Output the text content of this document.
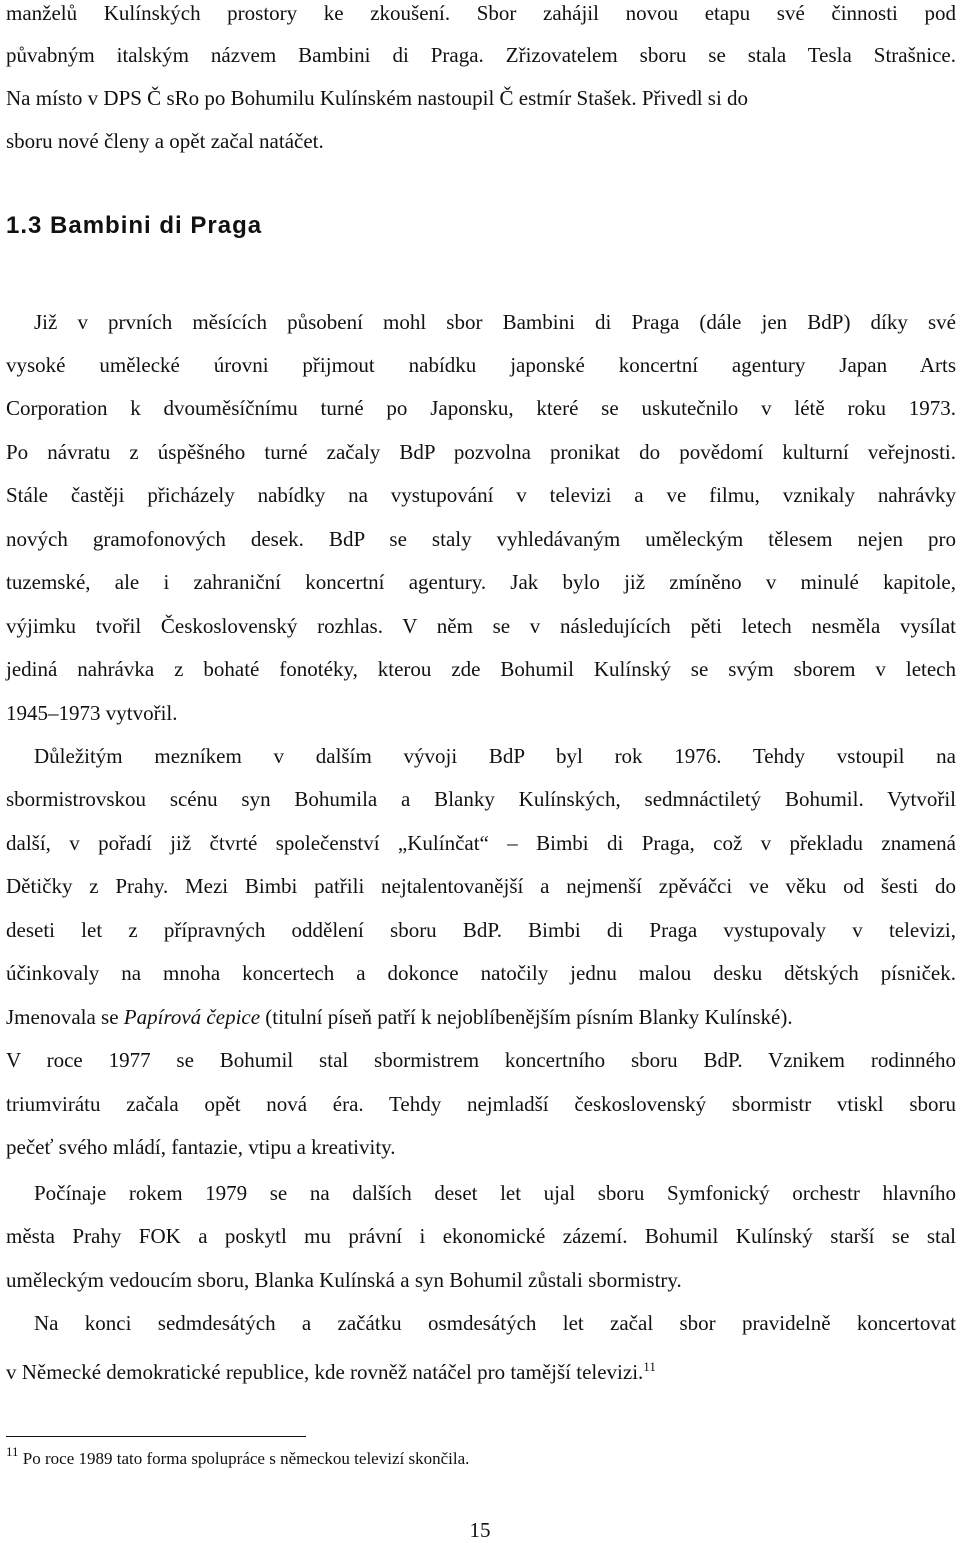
manželů Kulínských prostory ke zkoušení. Sbor zahájil novou etapu své činnosti pod
půvabným italským názvem Bambini di Praga. Zřizovatelem sboru se stala Tesla Strašnice.
Na místo v DPS Č sRo po Bohumilu Kulínském nastoupil Č estmír Stašek. Přivedl si do
sboru nové členy a opět začal natáčet.
1.3 Bambini di Praga
Již v prvních měsících působení mohl sbor Bambini di Praga (dále jen BdP) díky své
vysoké umělecké úrovni přijmout nabídku japonské koncertní agentury Japan Arts
Corporation k dvouměsíčnímu turné po Japonsku, které se uskutečnilo v létě roku 1973.
Po návratu z úspěšného turné začaly BdP pozvolna pronikat do povědomí kulturní veřejnosti.
Stále častěji přicházely nabídky na vystupování v televizi a ve filmu, vznikaly nahrávky
nových gramofonových desek. BdP se staly vyhledávaným uměleckým tělesem nejen pro
tuzemské, ale i zahraniční koncertní agentury. Jak bylo již zmíněno v minulé kapitole,
výjimku tvořil Československý rozhlas. V něm se v následujících pěti letech nesměla vysílat
jediná nahrávka z bohaté fonotéky, kterou zde Bohumil Kulínský se svým sborem v letech
1945–1973 vytvořil.
Důležitým mezníkem v dalším vývoji BdP byl rok 1976. Tehdy vstoupil na
sbormistrovskou scénu syn Bohumila a Blanky Kulínských, sedmnáctiletý Bohumil. Vytvořil
další, v pořadí již čtvrté společenství „Kulínčat“ – Bimbi di Praga, což v překladu znamená
Dětičky z Prahy. Mezi Bimbi patřili nejtalentovanější a nejmenší zpěváčci ve věku od šesti do
deseti let z přípravných oddělení sboru BdP. Bimbi di Praga vystupovaly v televizi,
účinkovaly na mnoha koncertech a dokonce natočily jednu malou desku dětských písniček.
Jmenovala se Papírová čepice (titulní píseň patří k nejoblíbenějším písním Blanky Kulínské).
V roce 1977 se Bohumil stal sbormistrem koncertního sboru BdP. Vznikem rodinného
triumvirátu začala opět nová éra. Tehdy nejmladší československý sbormistr vtiskl sboru
pečeť svého mládí, fantazie, vtipu a kreativity.
Počínaje rokem 1979 se na dalších deset let ujal sboru Symfonický orchestr hlavního
města Prahy FOK a poskytl mu právní i ekonomické zázemí. Bohumil Kulínský starší se stal
uměleckým vedoucím sboru, Blanka Kulínská a syn Bohumil zůstali sbormistry.
Na konci sedmdesátých a začátku osmdesátých let začal sbor pravidelně koncertovat
v Německé demokratické republice, kde rovněž natáčel pro tamější televizi.$^{11}$
$^{11}$ Po roce 1989 tato forma spolupráce s německou televizí skončila.
15
